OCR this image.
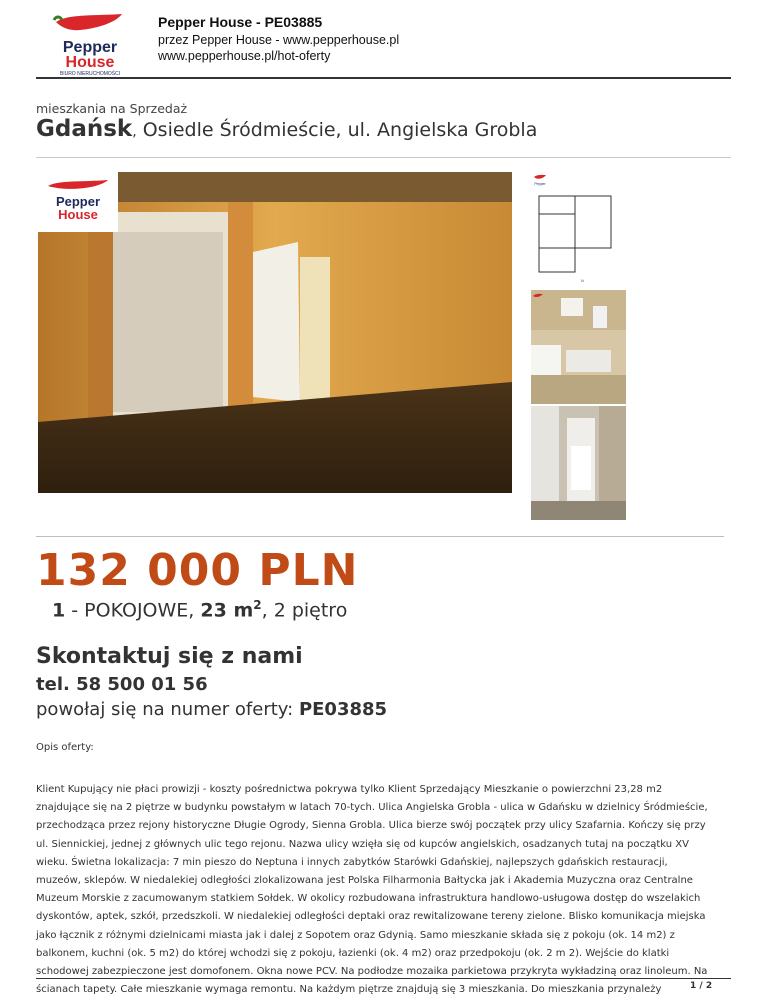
Pepper
House
BIURO NIERUCHOMOŚCI
Pepper House - PE03885
przez Pepper House - www.pepperhouse.pl
www.pepperhouse.pl/hot-oferty
mieszkania na Sprzedaż
Gdańsk, Osiedle Śródmieście, ul. Angielska Grobla
Pepper
House
Pepper
N
132 000 PLN
1 - POKOJOWE, 23 $m^2$, 2 piętro
Skontaktuj się z nami
tel. 58 500 01 56
powołaj się na numer oferty: PE03885
Opis oferty:
Klient Kupujący nie płaci prowizji - koszty pośrednictwa pokrywa tylko Klient Sprzedający Mieszkanie o powierzchni 23,28 m2
znajdujące się na 2 piętrze w budynku powstałym w latach 70-tych. Ulica Angielska Grobla - ulica w Gdańsku w dzielnicy Śródmieście,
przechodząca przez rejony historyczne Długie Ogrody, Sienna Grobla. Ulica bierze swój początek przy ulicy Szafarnia. Kończy się przy
ul. Siennickiej, jednej z głównych ulic tego rejonu. Nazwa ulicy wzięła się od kupców angielskich, osadzanych tutaj na początku XV
wieku. Świetna lokalizacja: 7 min pieszo do Neptuna i innych zabytków Starówki Gdańskiej, najlepszych gdańskich restauracji,
muzeów, sklepów. W niedalekiej odległości zlokalizowana jest Polska Filharmonia Bałtycka jak i Akademia Muzyczna oraz Centralne
Muzeum Morskie z zacumowanym statkiem Sołdek. W okolicy rozbudowana infrastruktura handlowo-usługowa dostęp do wszelakich
dyskontów, aptek, szkół, przedszkoli. W niedalekiej odległości deptaki oraz rewitalizowane tereny zielone. Blisko komunikacja miejska
jako łącznik z różnymi dzielnicami miasta jak i dalej z Sopotem oraz Gdynią. Samo mieszkanie składa się z pokoju (ok. 14 m2) z
balkonem, kuchni (ok. 5 m2) do której wchodzi się z pokoju, łazienki (ok. 4 m2) oraz przedpokoju (ok. 2 m 2). Wejście do klatki
schodowej zabezpieczone jest domofonem. Okna nowe PCV. Na podłodze mozaika parkietowa przykryta wykładziną oraz linoleum. Na
ścianach tapety. Całe mieszkanie wymaga remontu. Na każdym piętrze znajdują się 3 mieszkania. Do mieszkania przynależy	1 / 2
